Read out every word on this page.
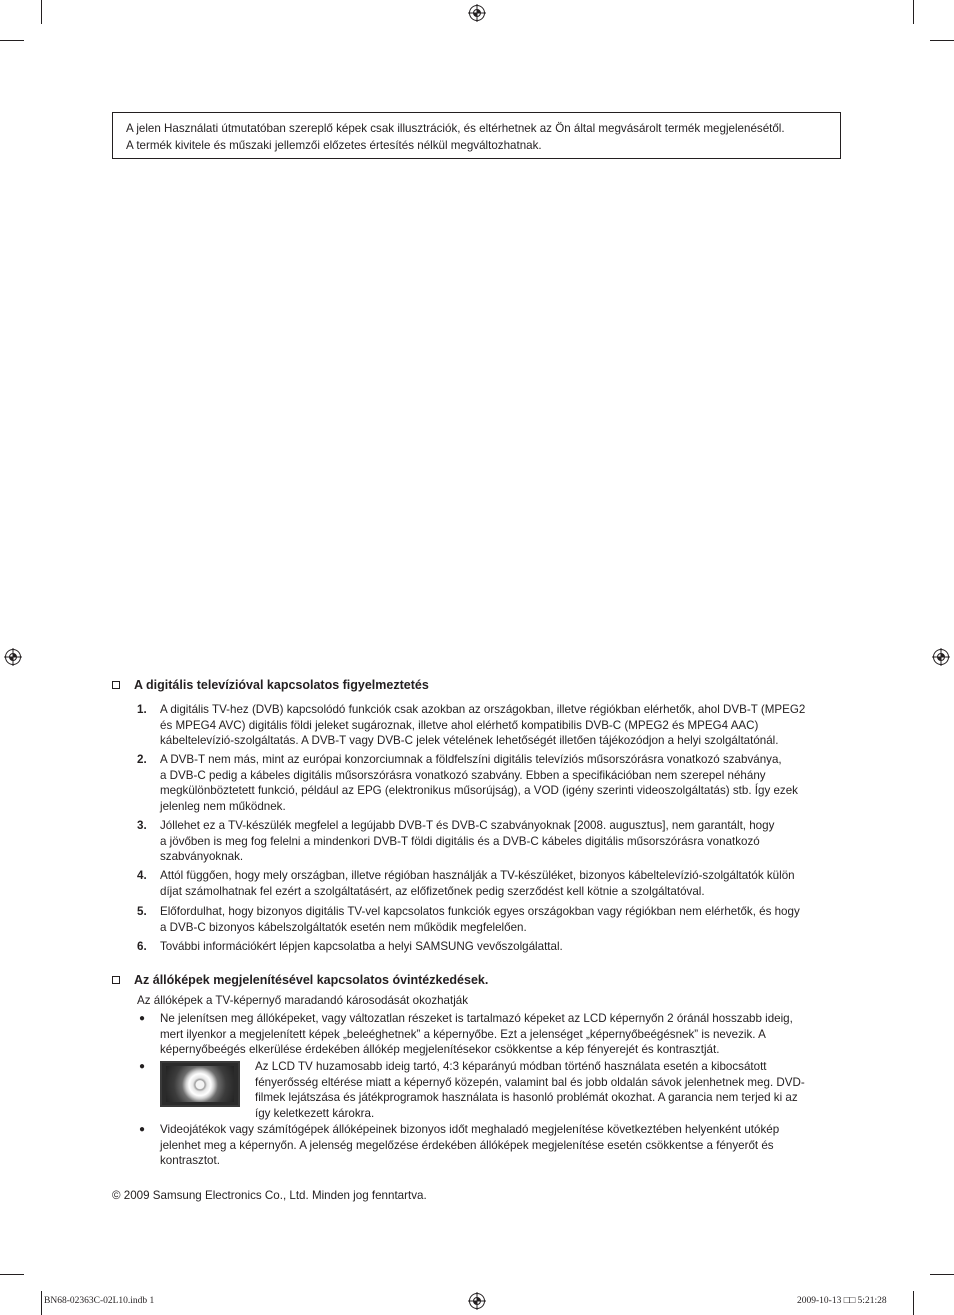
A jelen Használati útmutatóban szereplő képek csak illusztrációk, és eltérhetnek az Ön által megvásárolt termék megjelenésétől.

A termék kivitele és műszaki jellemzői előzetes értesítés nélkül megváltozhatnak.

A digitális televízióval kapcsolatos figyelmeztetés
1. A digitális TV-hez (DVB) kapcsolódó funkciók csak azokban az országokban, illetve régiókban elérhetők, ahol DVB-T (MPEG2
és MPEG4 AVC) digitális földi jeleket sugároznak, illetve ahol elérhető kompatibilis DVB-C (MPEG2 és MPEG4 AAC)
kábeltelevízió-szolgáltatás. A DVB-T vagy DVB-C jelek vételének lehetőségét illetően tájékozódjon a helyi szolgáltatónál.
2. A DVB-T nem más, mint az európai konzorciumnak a földfelszíni digitális televíziós műsorszórásra vonatkozó szabványa,
a DVB-C pedig a kábeles digitális műsorszórásra vonatkozó szabvány. Ebben a specifikációban nem szerepel néhány
megkülönböztetett funkció, például az EPG (elektronikus műsorújság), a VOD (igény szerinti videoszolgáltatás) stb. Így ezek
jelenleg nem működnek.
3. Jóllehet ez a TV-készülék megfelel a legújabb DVB-T és DVB-C szabványoknak [2008. augusztus], nem garantált, hogy
a jövőben is meg fog felelni a mindenkori DVB-T földi digitális és a DVB-C kábeles digitális műsorszórásra vonatkozó
szabványoknak.
4. Attól függően, hogy mely országban, illetve régióban használják a TV-készüléket, bizonyos kábeltelevízió-szolgáltatók külön
díjat számolhatnak fel ezért a szolgáltatásért, az előfizetőnek pedig szerződést kell kötnie a szolgáltatóval.
5. Előfordulhat, hogy bizonyos digitális TV-vel kapcsolatos funkciók egyes országokban vagy régiókban nem elérhetők, és hogy
a DVB-C bizonyos kábelszolgáltatók esetén nem működik megfelelően.
6. További információkért lépjen kapcsolatba a helyi SAMSUNG vevőszolgálattal.
Az állóképek megjelenítésével kapcsolatos óvintézkedések.
Az állóképek a TV-képernyő maradandó károsodását okozhatják
● Ne jelenítsen meg állóképeket, vagy változatlan részeket is tartalmazó képeket az LCD képernyőn 2 óránál hosszabb ideig,
mert ilyenkor a megjelenített képek „beleéghetnek” a képernyőbe. Ezt a jelenséget „képernyőbeégésnek” is nevezik. A
képernyőbeégés elkerülése érdekében állókép megjelenítésekor csökkentse a kép fényerejét és kontrasztját.
●	Az LCD TV huzamosabb ideig tartó, 4:3 képarányú módban történő használata esetén a kibocsátott
fényerősség eltérése miatt a képernyő közepén, valamint bal és jobb oldalán sávok jelenhetnek meg. DVD-
filmek lejátszása és játékprogramok használata is hasonló problémát okozhat. A garancia nem terjed ki az
így keletkezett károkra.
● Videojátékok vagy számítógépek állóképeinek bizonyos időt meghaladó megjelenítése következtében helyenként utókép
jelenhet meg a képernyőn. A jelenség megelőzése érdekében állóképek megjelenítése esetén csökkentse a fényerőt és
kontrasztot.
© 2009 Samsung Electronics Co., Ltd. Minden jog fenntartva.
BN68-02363C-02L10.indb 1	2009-10-13 □□ 5:21:28
